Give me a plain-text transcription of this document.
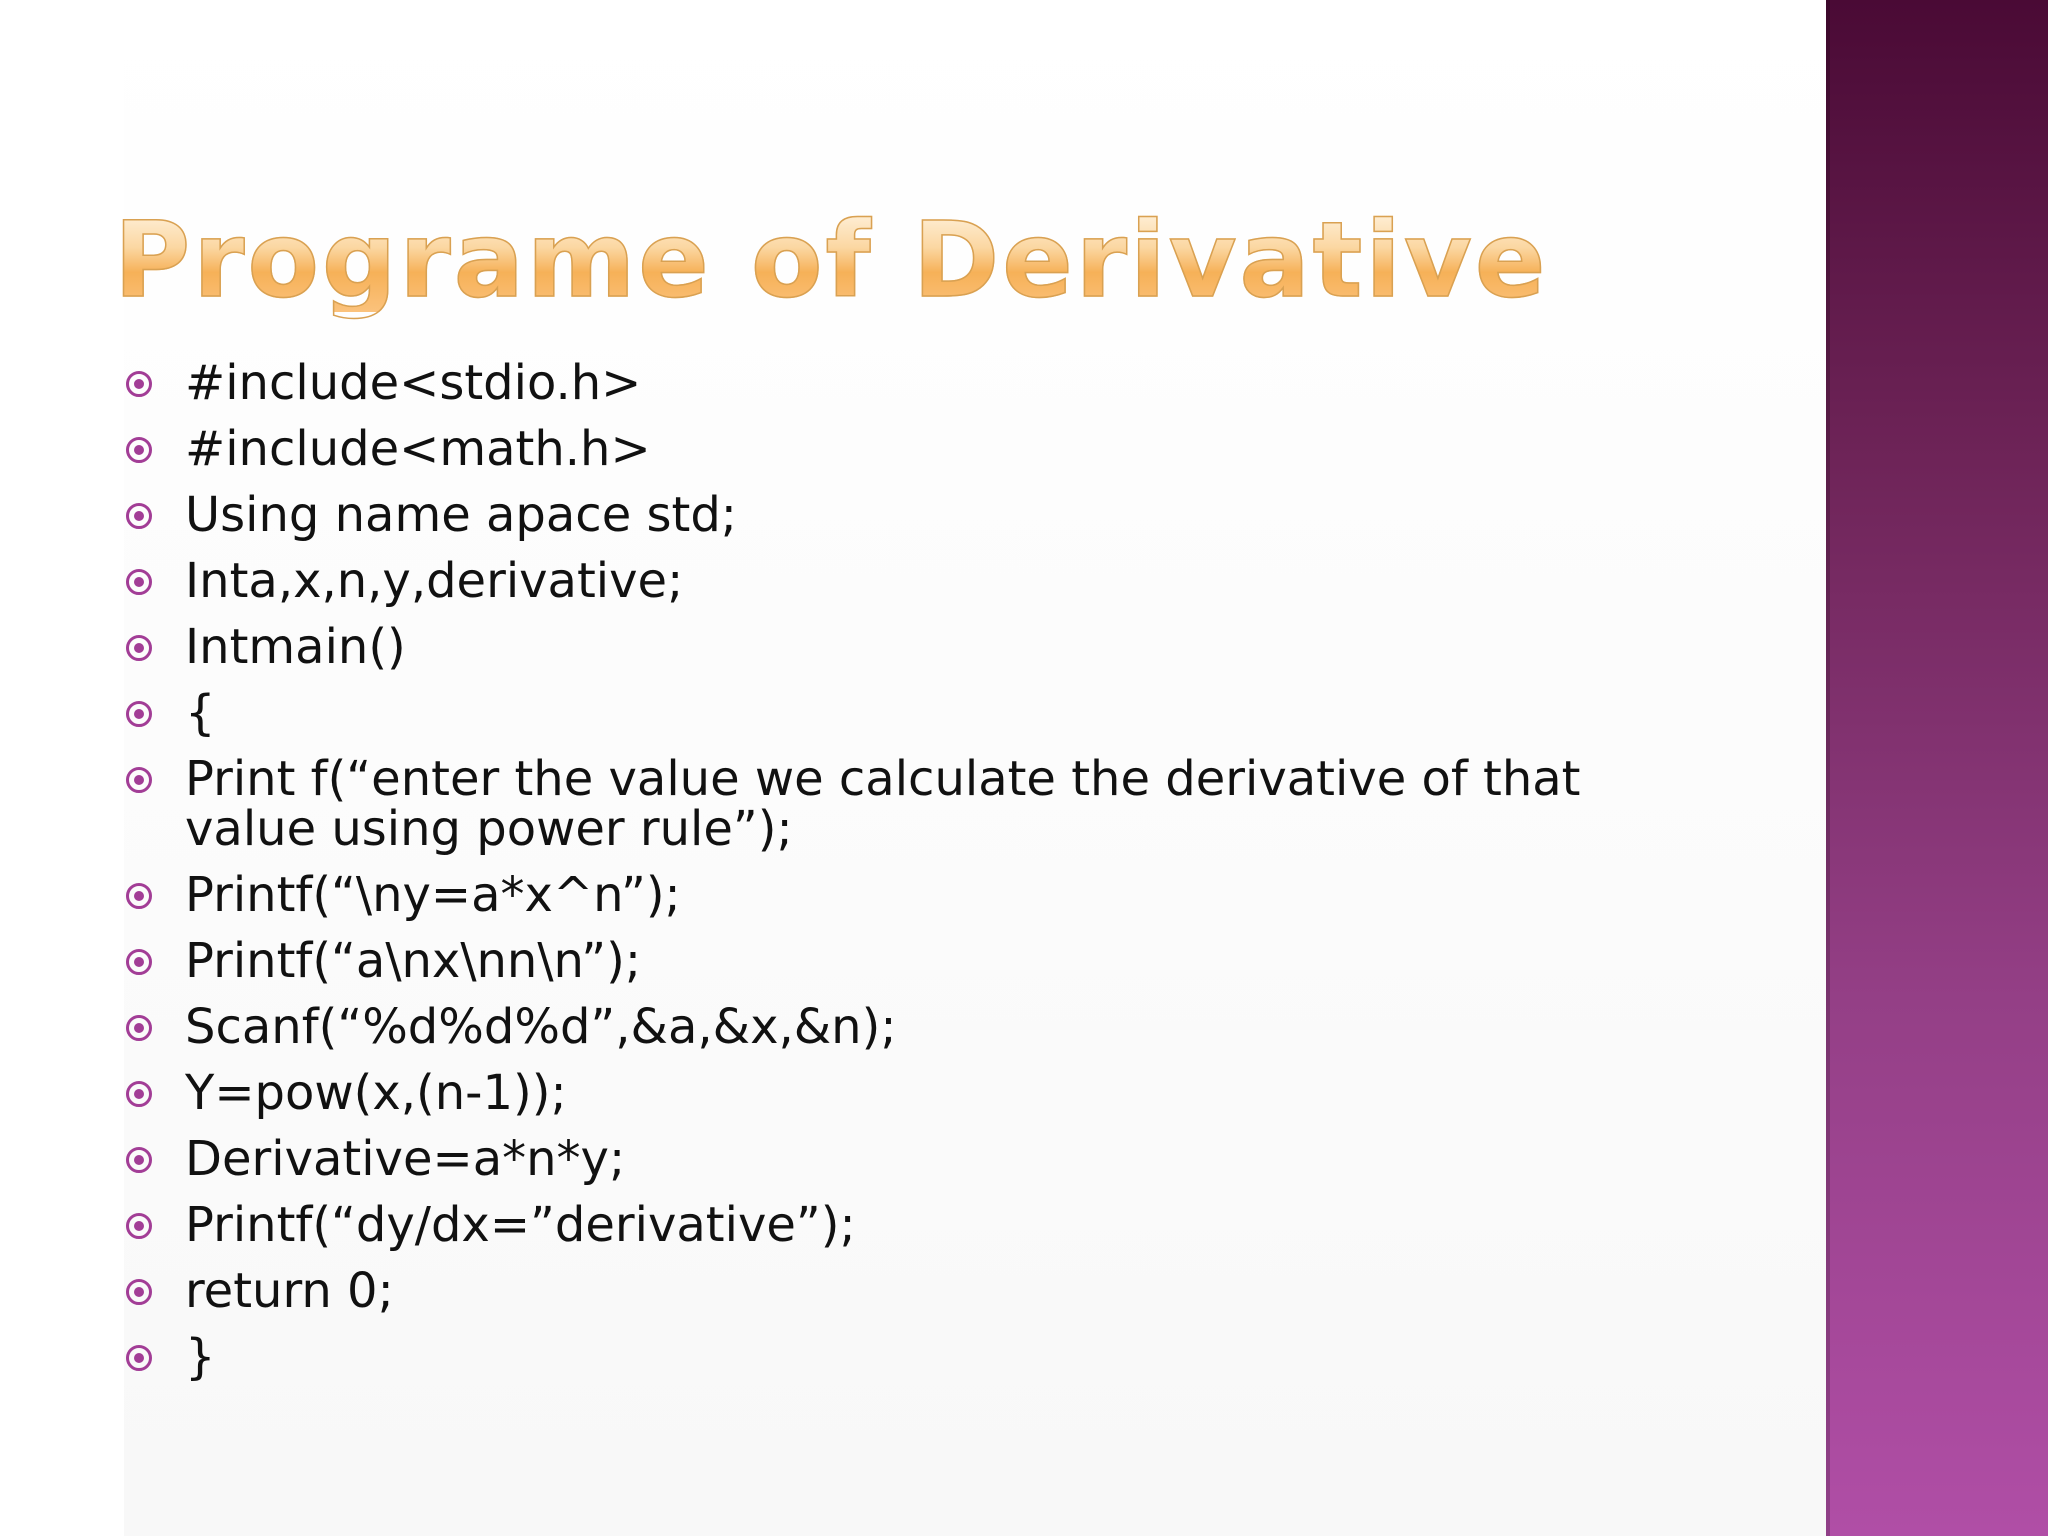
Programe of Derivative
#include<stdio.h>
#include<math.h>
Using name apace std;
Inta,x,n,y,derivative;
Intmain()
{
Print f(“enter the value we calculate the derivative of that value using power rule”);
Printf(“\ny=a*x^n”);
Printf(“a\nx\nn\n”);
Scanf(“%d%d%d”,&a,&x,&n);
Y=pow(x,(n-1));
Derivative=a*n*y;
Printf(“dy/dx=”derivative”);
return 0;
}
